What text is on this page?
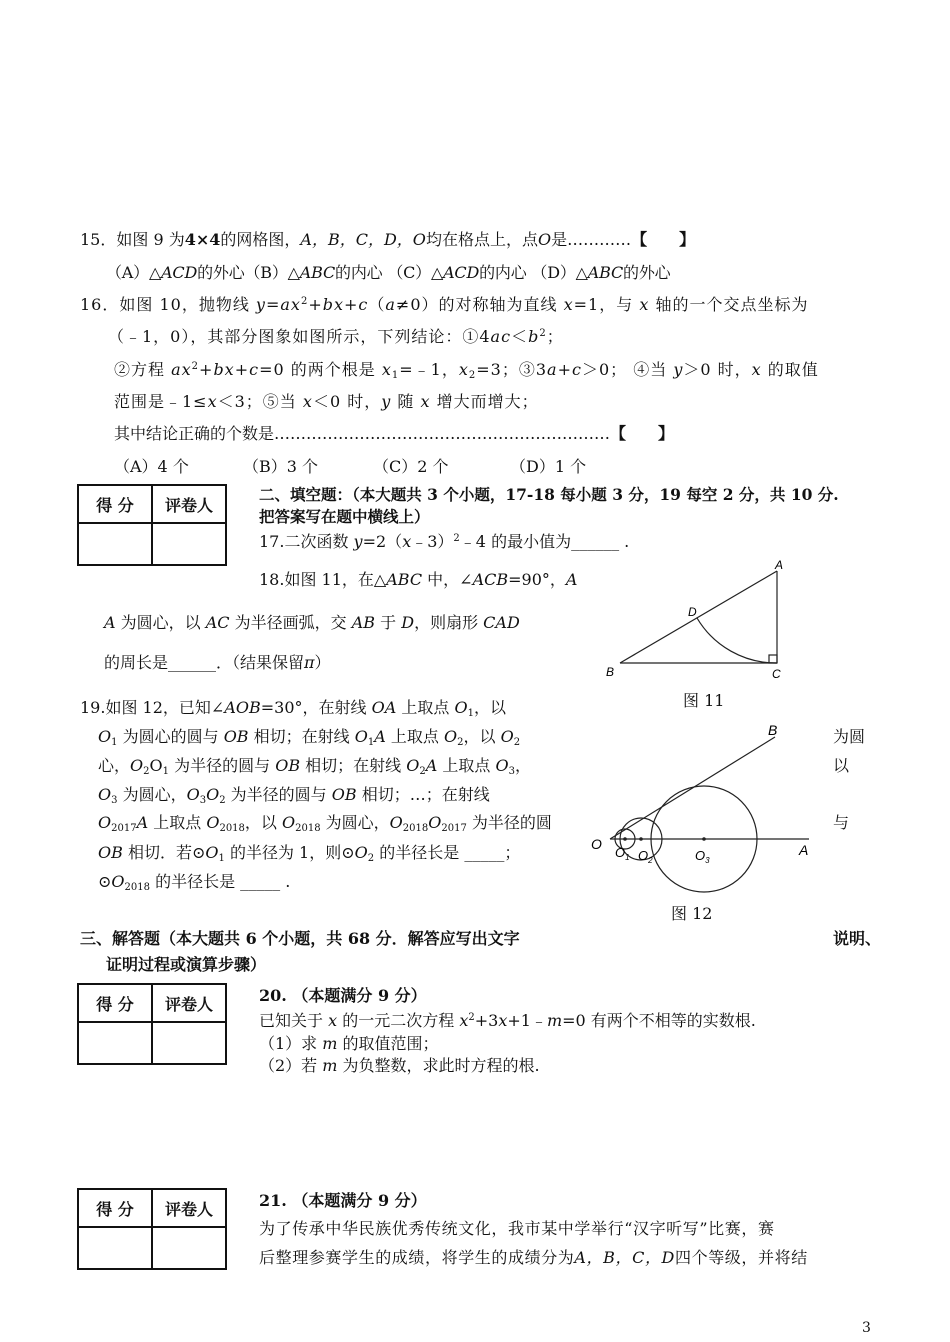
15．如图 9 为4×4的网格图，A，B，C，D，O均在格点上，点O是…………【　　】
（A）△ACD的外心（B）△ABC的内心 （C）△ACD的内心 （D）△ABC的外心
16．如图 10，抛物线 $y=ax^2+bx+c(a\ne 0)$的对称轴为直线 x=1，与 x 轴的一个交点坐标为
（﹣1，0），其部分图象如图所示，下列结论：$①4ac<b^2$；
②方程 $ax^2+bx+c=0$ 的两个根是 $x_1=﹣1$，$x_2=3$；③3a+c＞0； ④当 y＞0 时，x 的取值
范围是﹣1≤x＜3；⑤当 x＜0 时，y 随 x 增大而增大；
其中结论正确的个数是………………………………………………………【　　】
（A）4 个	（B）3 个	（C）2 个	（D）1 个
得 分	评卷人

二、填空题：（本大题共 3 个小题，17-18 每小题 3 分，19 每空 2 分，共 10 分.
把答案写在题中横线上）
17.二次函数 y=2（x﹣3）$^2$﹣4 的最小值为______ .
18.如图 11，在△ABC 中，∠ACB=90°，A
A 为圆心，以 AC 为半径画弧，交 AB 于 D，则扇形 CAD
的周长是______．（结果保留π）
A
B	C
D
图 11
19.如图 12，已知∠AOB=30°，在射线 OA 上取点 $O_1$，以
$O_1$ 为圆心的圆与 OB 相切；在射线 $O_1A$ 上取点 $O_2$，以 $O_2$
心，$O_2O_1$ 为半径的圆与 OB 相切；在射线 $O_2A$ 上取点 $O_3$，
$O_3$ 为圆心，$O_3O_2$ 为半径的圆与 OB 相切；…；在射线
$O_{2017}A$ 上取点 $O_{2018}$，以 $O_{2018}$ 为圆心，$O_{2018}O_{2017}$ 为半径的圆
OB 相切．若$⊙O_1$ 的半径为 1，则$⊙O_2$ 的半径长是 _____；
$⊙O_{2018}$ 的半径长是 _____ .
为圆
以
与
B
O	A
$O_1$ $O_2$	$O_3$
图 12
三、解答题（本大题共 6 个小题，共 68 分．解答应写出文字	说明、
证明过程或演算步骤）
得 分	评卷人
		20. （本题满分 9 分）
已知关于 x 的一元二次方程 $x^2+3x+1﹣m=0$ 有两个不相等的实数根.
（1）求 m 的取值范围；
（2）若 m 为负整数，求此时方程的根.
得 分	评卷人
		21. （本题满分 9 分）
为了传承中华民族优秀传统文化，我市某中学举行“汉字听写”比赛，赛
后整理参赛学生的成绩，将学生的成绩分为A，B，C，D四个等级，并将结
3
